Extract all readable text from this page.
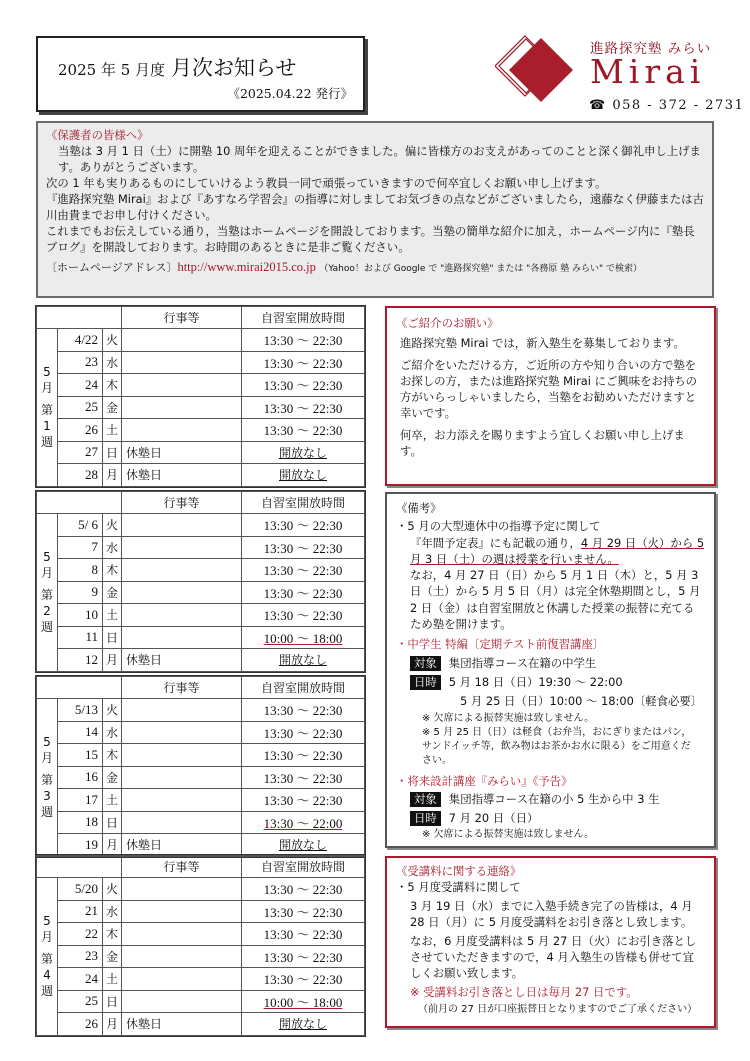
2025 年 5 月度 月次お知らせ
《2025.04.22 発行》
進路探究塾 みらい
Mirai
☎ 058 - 372 - 2731
《保護者の皆様へ》

当塾は 3 月 1 日（土）に開塾 10 周年を迎えることができました。偏に皆様方のお支えがあってのことと深く御礼申し上げます。ありがとうございます。

次の 1 年も実りあるものにしていけるよう教員一同で頑張っていきますので何卒宜しくお願い申し上げます。

『進路探究塾 Mirai』および『あすなろ学習会』の指導に対しましてお気づきの点などがございましたら，遠藤なく伊藤または古川由貴までお申し付けください。

これまでもお伝えしている通り，当塾はホームページを開設しております。当塾の簡単な紹介に加え，ホームページ内に『塾長ブログ』を開設しております。お時間のあるときに是非ご覧ください。

〔ホームページアドレス〕http://www.mirai2015.co.jp （Yahoo！および Google で "進路探究塾" または "各務原 塾 みらい" で検索）
			行事等	自習室開放時間

5
月
第
1
週	4/22	火		13:30 ～ 22:30
	23	水		13:30 ～ 22:30
	24	木		13:30 ～ 22:30
	25	金		13:30 ～ 22:30
	26	土		13:30 ～ 22:30
	27	日	休塾日	開放なし
	28	月	休塾日	開放なし
			行事等	自習室開放時間

5
月
第
2
週	5/ 6	火		13:30 ～ 22:30
	7	水		13:30 ～ 22:30
	8	木		13:30 ～ 22:30
	9	金		13:30 ～ 22:30
	10	土		13:30 ～ 22:30
	11	日		10:00 ～ 18:00
	12	月	休塾日	開放なし
			行事等	自習室開放時間

5
月
第
3
週	5/13	火		13:30 ～ 22:30
	14	水		13:30 ～ 22:30
	15	木		13:30 ～ 22:30
	16	金		13:30 ～ 22:30
	17	土		13:30 ～ 22:30
	18	日		13:30 ～ 22:00
	19	月	休塾日	開放なし
			行事等	自習室開放時間

5
月
第
4
週	5/20	火		13:30 ～ 22:30
	21	水		13:30 ～ 22:30
	22	木		13:30 ～ 22:30
	23	金		13:30 ～ 22:30
	24	土		13:30 ～ 22:30
	25	日		10:00 ～ 18:00
	26	月	休塾日	開放なし
《ご紹介のお願い》

進路探究塾 Mirai では，新入塾生を募集しております。

ご紹介をいただける方，ご近所の方や知り合いの方で塾をお探しの方，または進路探究塾 Mirai にご興味をお持ちの方がいらっしゃいましたら，当塾をお勧めいただけますと幸いです。

何卒，お力添えを賜りますよう宜しくお願い申し上げます。

《備考》
・5 月の大型連休中の指導予定に関して

『年間予定表』にも記載の通り，4 月 29 日（火）から 5 月 3 日（土）の週は授業を行いません。
なお，4 月 27 日（日）から 5 月 1 日（木）と，5 月 3 日（土）から 5 月 5 日（月）は完全休塾期間とし，5 月 2 日（金）は自習室開放と休講した授業の振替に充てるため塾を開けます。

・中学生 特編〔定期テスト前復習講座〕
対象 集団指導コース在籍の中学生
日時 5 月 18 日（日）19:30 ～ 22:00
5 月 25 日（日）10:00 ～ 18:00〔軽食必要〕
※ 欠席による振替実施は致しません。
※ 5 月 25 日（日）は軽食（お弁当，おにぎりまたはパン，サンドイッチ等，飲み物はお茶かお水に限る）をご用意ください。
・将来設計講座『みらい』《予告》
対象 集団指導コース在籍の小 5 生から中 3 生
日時 7 月 20 日（日）
※ 欠席による振替実施は致しません。
《受講料に関する連絡》

・5 月度受講料に関して

3 月 19 日（水）までに入塾手続き完了の皆様は，4 月 28 日（月）に 5 月度受講料をお引き落とし致します。

なお，6 月度受講料は 5 月 27 日（火）にお引き落としさせていただきますので，4 月入塾生の皆様も併せて宜しくお願い致します。

※ 受講料お引き落とし日は毎月 27 日です。

（前月の 27 日が口座振替日となりますのでご了承ください）
